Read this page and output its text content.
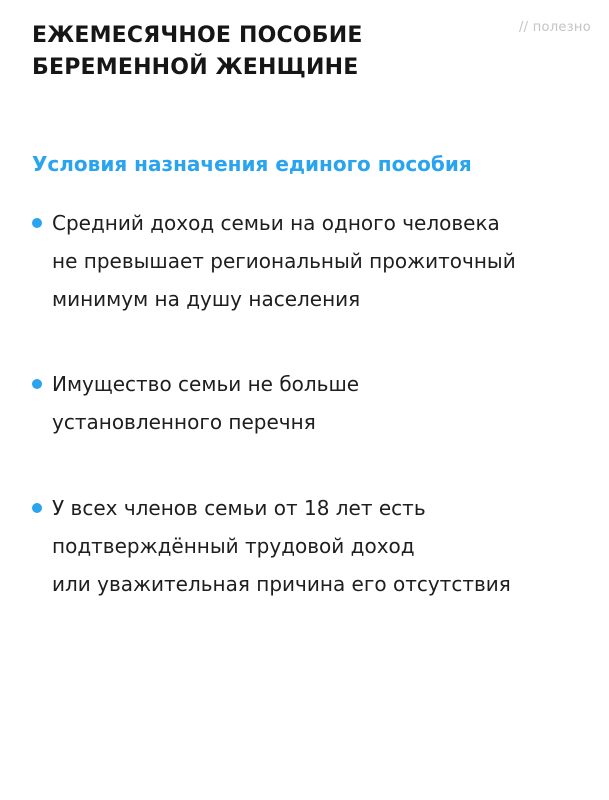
ЕЖЕМЕСЯЧНОЕ ПОСОБИЕ
БЕРЕМЕННОЙ ЖЕНЩИНЕ
// полезно
Условия назначения единого пособия
Средний доход семьи на одного человека
не превышает региональный прожиточный
минимум на душу населения
Имущество семьи не больше
установленного перечня
У всех членов семьи от 18 лет есть
подтверждённый трудовой доход
или уважительная причина его отсутствия
